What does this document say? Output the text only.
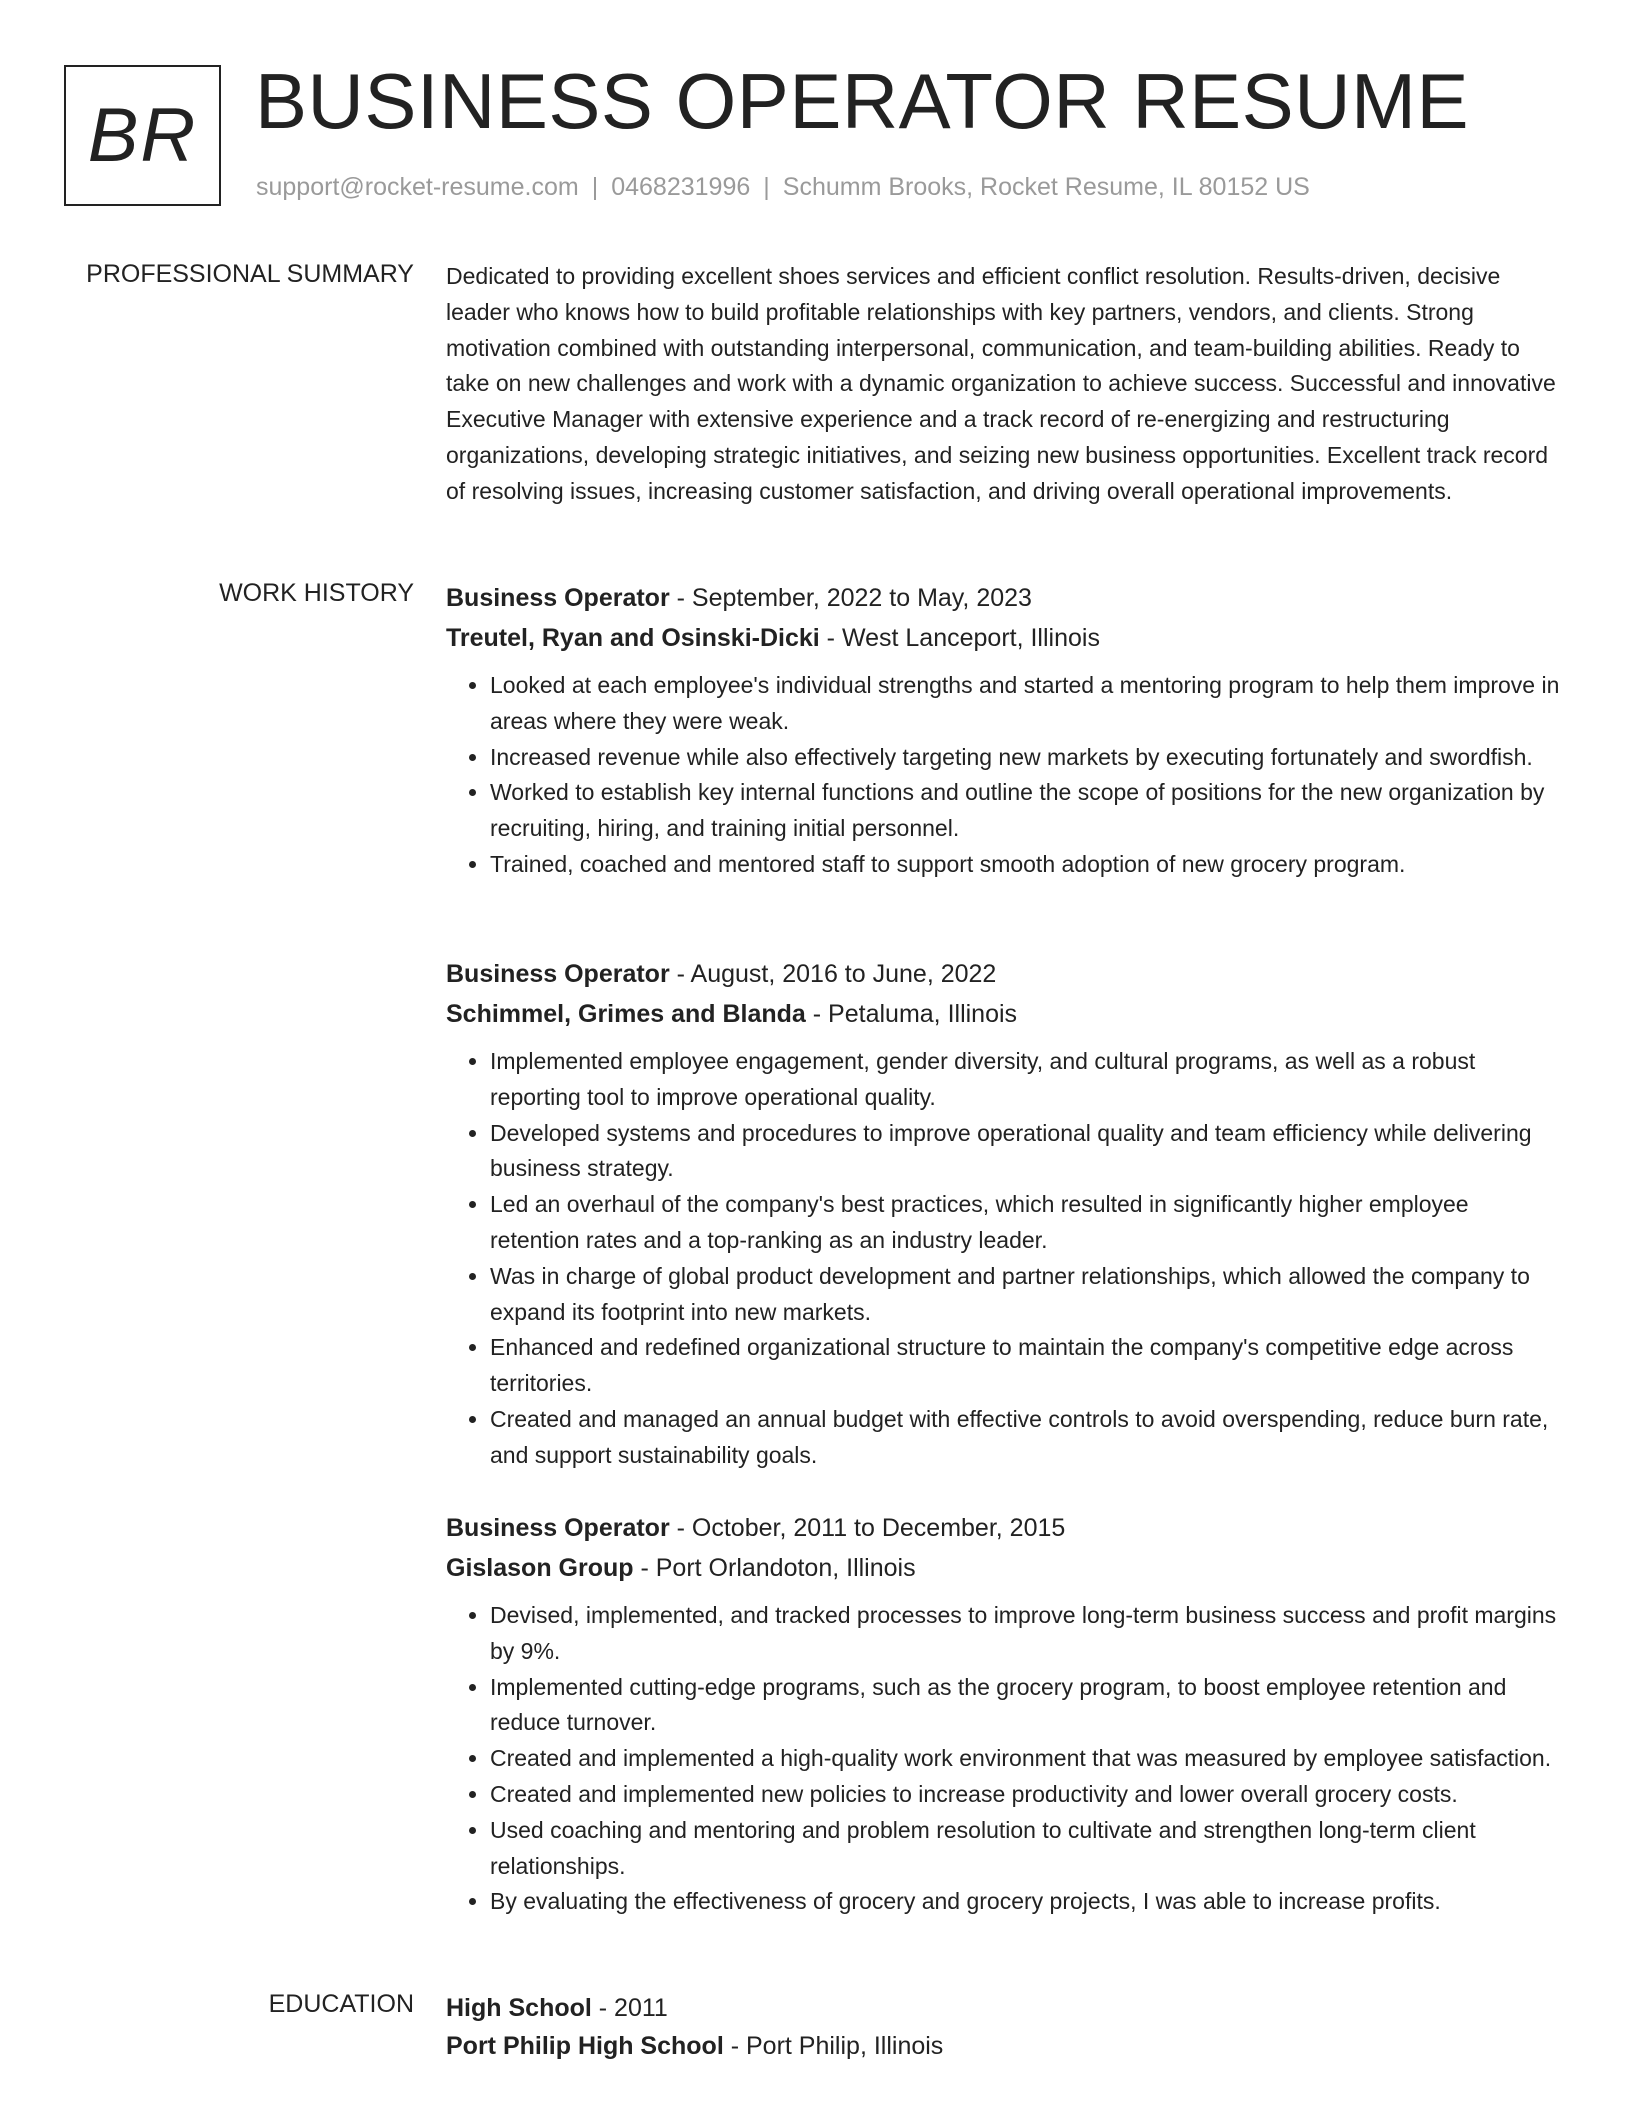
BR BUSINESS OPERATOR RESUME
support@rocket-resume.com | 0468231996 | Schumm Brooks, Rocket Resume, IL 80152 US
PROFESSIONAL SUMMARY Dedicated to providing excellent shoes services and efficient conflict resolution. Results-driven, decisive leader who knows how to build profitable relationships with key partners, vendors, and clients. Strong motivation combined with outstanding interpersonal, communication, and team-building abilities. Ready to take on new challenges and work with a dynamic organization to achieve success. Successful and innovative Executive Manager with extensive experience and a track record of re-energizing and restructuring organizations, developing strategic initiatives, and seizing new business opportunities. Excellent track record of resolving issues, increasing customer satisfaction, and driving overall operational improvements.

WORK HISTORY Business Operator - September, 2022 to May, 2023

Treutel, Ryan and Osinski-Dicki - West Lanceport, Illinois

• Looked at each employee's individual strengths and started a mentoring program to help them improve in areas where they were weak.
• Increased revenue while also effectively targeting new markets by executing fortunately and swordfish.
• Worked to establish key internal functions and outline the scope of positions for the new organization by recruiting, hiring, and training initial personnel.
• Trained, coached and mentored staff to support smooth adoption of new grocery program.

Business Operator - August, 2016 to June, 2022

Schimmel, Grimes and Blanda - Petaluma, Illinois

• Implemented employee engagement, gender diversity, and cultural programs, as well as a robust reporting tool to improve operational quality.
• Developed systems and procedures to improve operational quality and team efficiency while delivering business strategy.
• Led an overhaul of the company's best practices, which resulted in significantly higher employee retention rates and a top-ranking as an industry leader.
• Was in charge of global product development and partner relationships, which allowed the company to expand its footprint into new markets.
• Enhanced and redefined organizational structure to maintain the company's competitive edge across territories.
• Created and managed an annual budget with effective controls to avoid overspending, reduce burn rate, and support sustainability goals.

Business Operator - October, 2011 to December, 2015

Gislason Group - Port Orlandoton, Illinois

• Devised, implemented, and tracked processes to improve long-term business success and profit margins by 9%.
• Implemented cutting-edge programs, such as the grocery program, to boost employee retention and reduce turnover.
• Created and implemented a high-quality work environment that was measured by employee satisfaction.
• Created and implemented new policies to increase productivity and lower overall grocery costs.
• Used coaching and mentoring and problem resolution to cultivate and strengthen long-term client relationships.
• By evaluating the effectiveness of grocery and grocery projects, I was able to increase profits.
EDUCATION High School - 2011

Port Philip High School - Port Philip, Illinois
